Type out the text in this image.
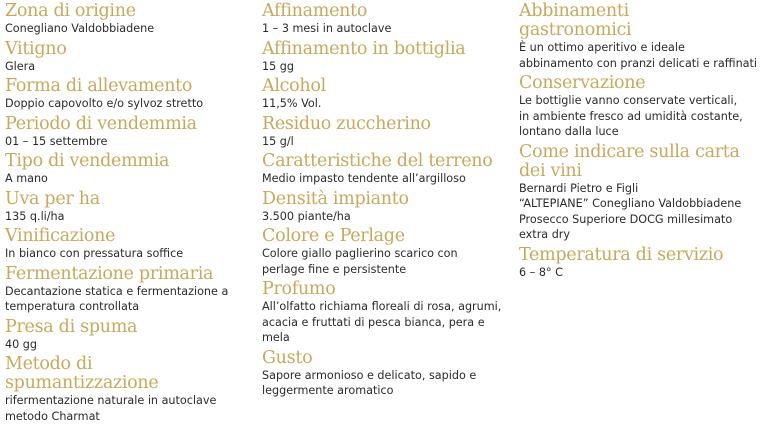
Zona di origine
Conegliano Valdobbiadene
Vitigno
Glera
Forma di allevamento
Doppio capovolto e/o sylvoz stretto
Periodo di vendemmia
01 – 15 settembre
Tipo di vendemmia
A mano
Uva per ha
135 q.li/ha
Vinificazione
In bianco con pressatura soffice
Fermentazione primaria
Decantazione statica e fermentazione a
temperatura controllata
Presa di spuma
40 gg
Metodo di
spumantizzazione
rifermentazione naturale in autoclave
metodo Charmat
Affinamento
1 – 3 mesi in autoclave
Affinamento in bottiglia
15 gg
Alcohol
11,5% Vol.
Residuo zuccherino
15 g/l
Caratteristiche del terreno
Medio impasto tendente all’argilloso
Densità impianto
3.500 piante/ha
Colore e Perlage
Colore giallo paglierino scarico con
perlage fine e persistente
Profumo
All’olfatto richiama floreali di rosa, agrumi,
acacia e fruttati di pesca bianca, pera e
mela
Gusto
Sapore armonioso e delicato, sapido e
leggermente aromatico
Abbinamenti
gastronomici
È un ottimo aperitivo e ideale
abbinamento con pranzi delicati e raffinati
Conservazione
Le bottiglie vanno conservate verticali,
in ambiente fresco ad umidità costante,
lontano dalla luce
Come indicare sulla carta
dei vini
Bernardi Pietro e Figli
“ALTEPIANE” Conegliano Valdobbiadene
Prosecco Superiore DOCG millesimato
extra dry
Temperatura di servizio
6 – 8° C
